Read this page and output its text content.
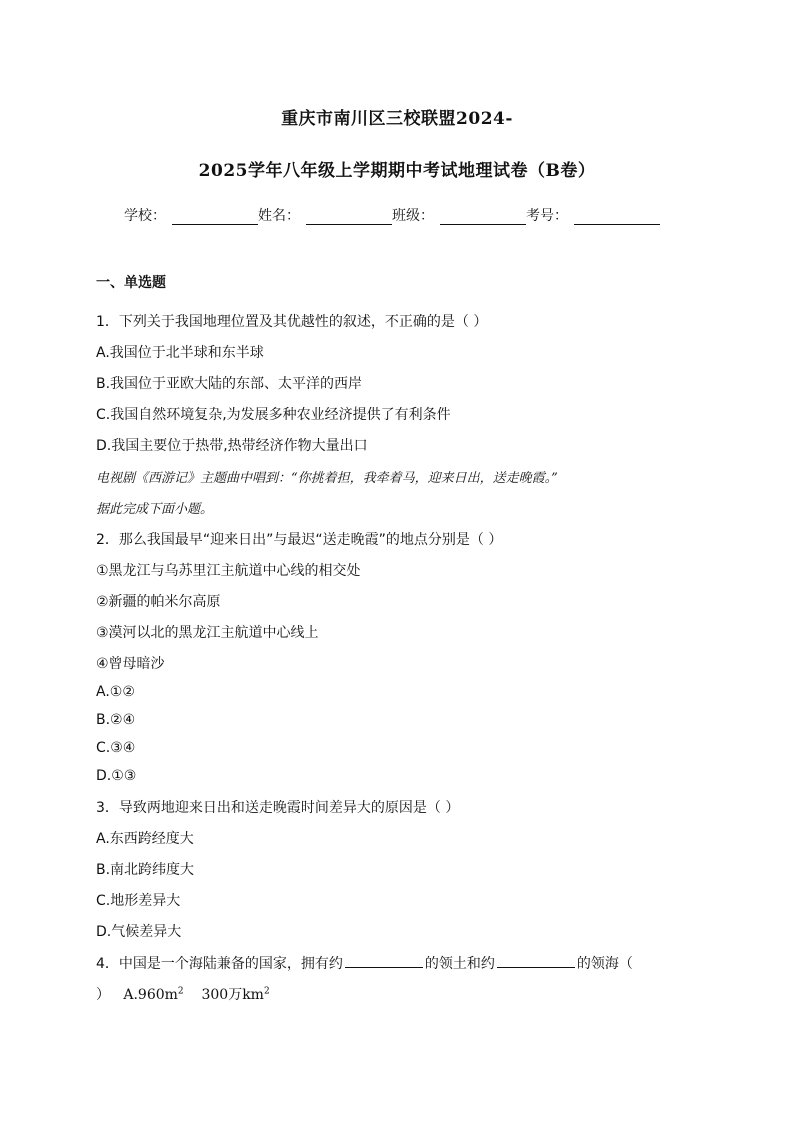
重庆市南川区三校联盟2024-
2025学年八年级上学期期中考试地理试卷（B卷）
学校：	姓名：	班级：	考号：
一、单选题
1．下列关于我国地理位置及其优越性的叙述，不正确的是（ ）
A.我国位于北半球和东半球
B.我国位于亚欧大陆的东部、太平洋的西岸
C.我国自然环境复杂,为发展多种农业经济提供了有利条件
D.我国主要位于热带,热带经济作物大量出口
电视剧《西游记》主题曲中唱到：“你挑着担，我牵着马，迎来日出，送走晚霞。”
据此完成下面小题。
2．那么我国最早“迎来日出”与最迟“送走晚霞”的地点分别是（ ）
①黑龙江与乌苏里江主航道中心线的相交处
②新疆的帕米尔高原
③漠河以北的黑龙江主航道中心线上
④曾母暗沙
A.①②
B.②④
C.③④
D.①③
3．导致两地迎来日出和送走晚霞时间差异大的原因是（ ）
A.东西跨经度大
B.南北跨纬度大
C.地形差异大
D.气候差异大
4．中国是一个海陆兼备的国家，拥有约	的领土和约	的领海（
） $A.960m^2$ 300万$km^2$
